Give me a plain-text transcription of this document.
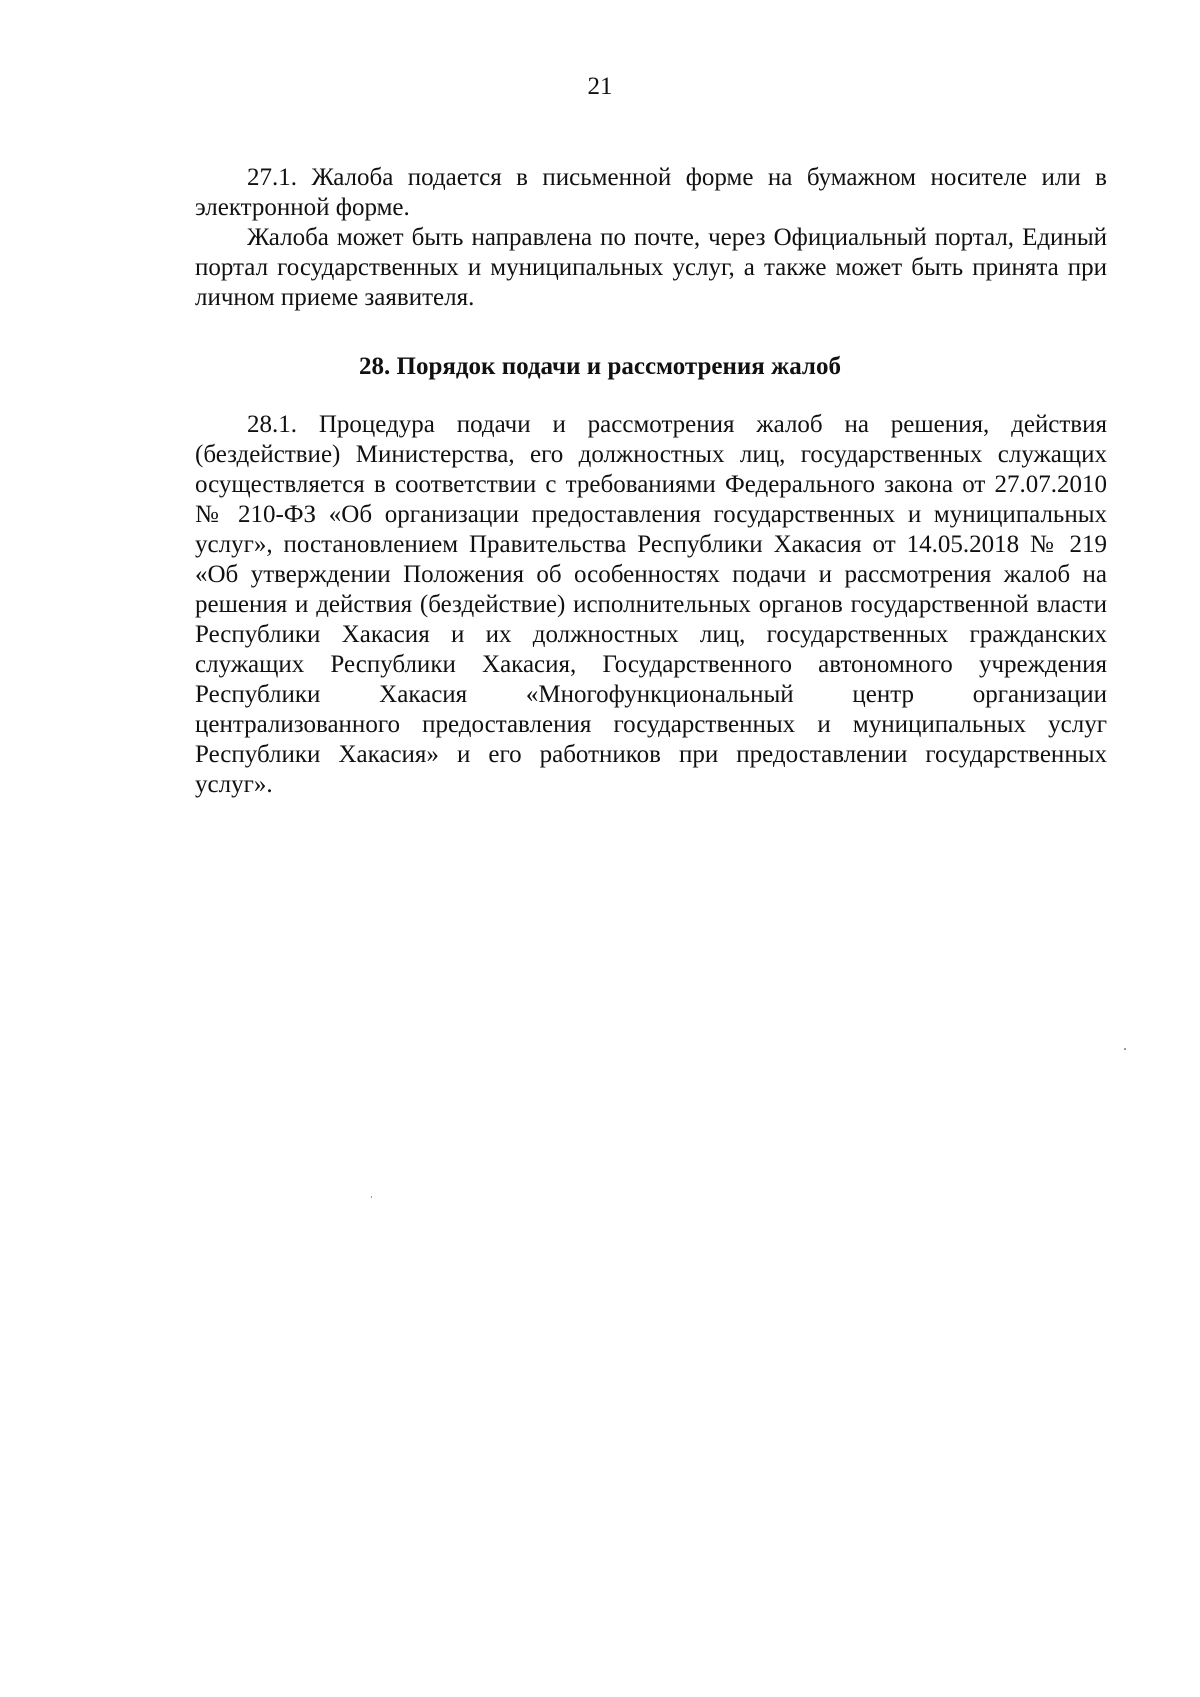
21

27.1. Жалоба подается в письменной форме на бумажном носителе или в электронной форме.

Жалоба может быть направлена по почте, через Официальный портал, Единый портал государственных и муниципальных услуг, а также может быть принята при личном приеме заявителя.

28. Порядок подачи и рассмотрения жалоб

28.1. Процедура подачи и рассмотрения жалоб на решения, действия (бездействие) Министерства, его должностных лиц, государственных служащих осуществляется в соответствии с требованиями Федерального закона от 27.07.2010 № 210-ФЗ «Об организации предоставления государственных и муниципальных услуг», постановлением Правительства Республики Хакасия от 14.05.2018 № 219 «Об утверждении Положения об особенностях подачи и рассмотрения жалоб на решения и действия (бездействие) исполнительных органов государственной власти Республики Хакасия и их должностных лиц, государственных гражданских служащих Республики Хакасия, Государственного автономного учреждения Республики Хакасия «Многофункциональный центр организации централизованного предоставления государственных и муниципальных услуг Республики Хакасия» и его работников при предоставлении государственных услуг».
